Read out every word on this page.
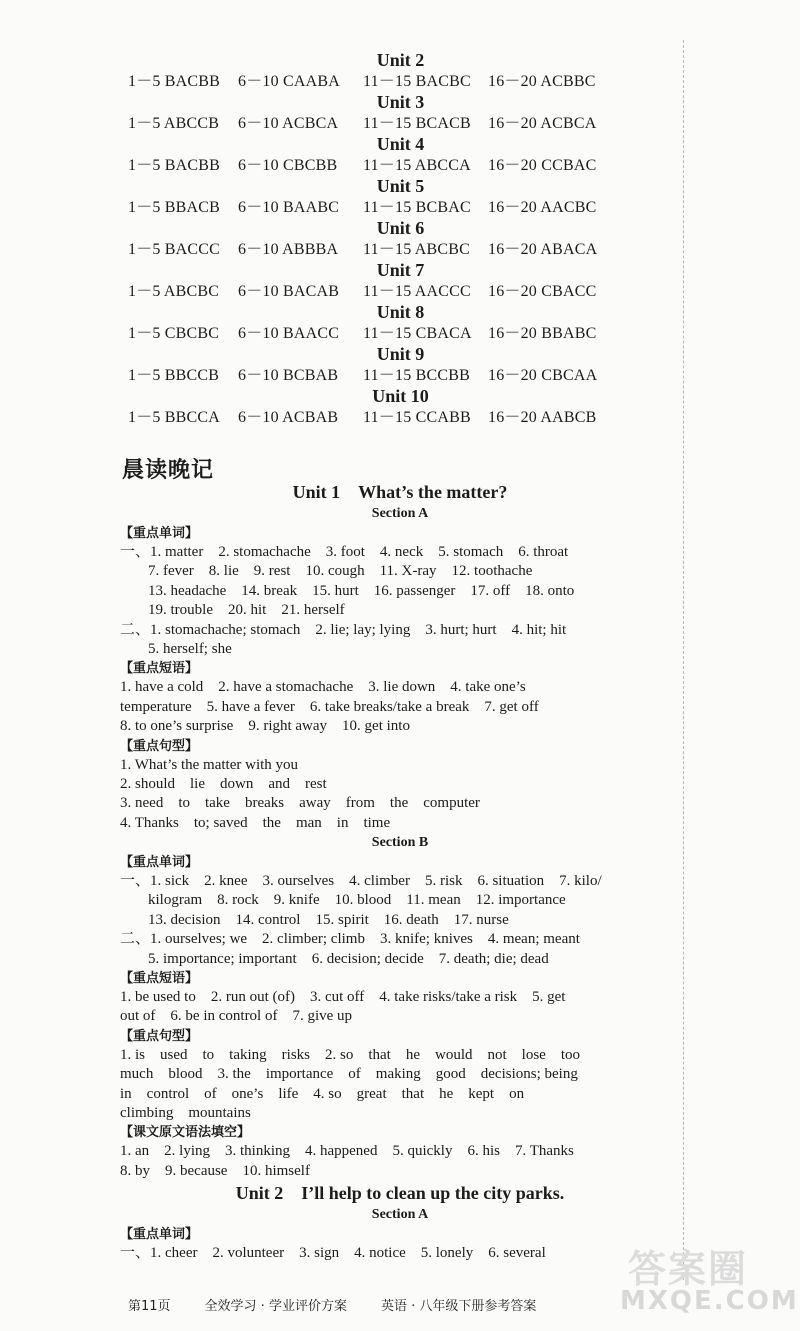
Unit 2
1－5 BACBB	6－10 CAABA	11－15 BACBC	16－20 ACBBC
Unit 3
1－5 ABCCB	6－10 ACBCA	11－15 BCACB	16－20 ACBCA
Unit 4
1－5 BACBB	6－10 CBCBB	11－15 ABCCA	16－20 CCBAC
Unit 5
1－5 BBACB	6－10 BAABC	11－15 BCBAC	16－20 AACBC
Unit 6
1－5 BACCC	6－10 ABBBA	11－15 ABCBC	16－20 ABACA
Unit 7
1－5 ABCBC	6－10 BACAB	11－15 AACCC	16－20 CBACC
Unit 8
1－5 CBCBC	6－10 BAACC	11－15 CBACA	16－20 BBABC
Unit 9
1－5 BBCCB	6－10 BCBAB	11－15 BCCBB	16－20 CBCAA
Unit 10
1－5 BBCCA	6－10 ACBAB	11－15 CCABB	16－20 AABCB
晨读晚记
Unit 1　What’s the matter?
Section A
【重点单词】
一、1. matter　2. stomachache　3. foot　4. neck　5. stomach　6. throat
7. fever　8. lie　9. rest　10. cough　11. X-ray　12. toothache
13. headache　14. break　15. hurt　16. passenger　17. off　18. onto
19. trouble　20. hit　21. herself
二、1. stomachache; stomach　2. lie; lay; lying　3. hurt; hurt　4. hit; hit
5. herself; she
【重点短语】
1. have a cold　2. have a stomachache　3. lie down　4. take one’s
temperature　5. have a fever　6. take breaks/take a break　7. get off
8. to one’s surprise　9. right away　10. get into
【重点句型】
1. What’s the matter with you
2. should　lie　down　and　rest
3. need　to　take　breaks　away　from　the　computer
4. Thanks　to; saved　the　man　in　time
Section B
【重点单词】
一、1. sick　2. knee　3. ourselves　4. climber　5. risk　6. situation　7. kilo/
kilogram　8. rock　9. knife　10. blood　11. mean　12. importance
13. decision　14. control　15. spirit　16. death　17. nurse
二、1. ourselves; we　2. climber; climb　3. knife; knives　4. mean; meant
5. importance; important　6. decision; decide　7. death; die; dead
【重点短语】
1. be used to　2. run out (of)　3. cut off　4. take risks/take a risk　5. get
out of　6. be in control of　7. give up
【重点句型】
1. is　used　to　taking　risks　2. so　that　he　would　not　lose　too
much　blood　3. the　importance　of　making　good　decisions; being
in　control　of　one’s　life　4. so　great　that　he　kept　on
climbing　mountains
【课文原文语法填空】
1. an　2. lying　3. thinking　4. happened　5. quickly　6. his　7. Thanks
8. by　9. because　10. himself
Unit 2　I’ll help to clean up the city parks.
Section A
【重点单词】
一、1. cheer　2. volunteer　3. sign　4. notice　5. lonely　6. several
第11页	全效学习 · 学业评价方案	英语 · 八年级下册参考答案
答案圈
MXQE.COM
